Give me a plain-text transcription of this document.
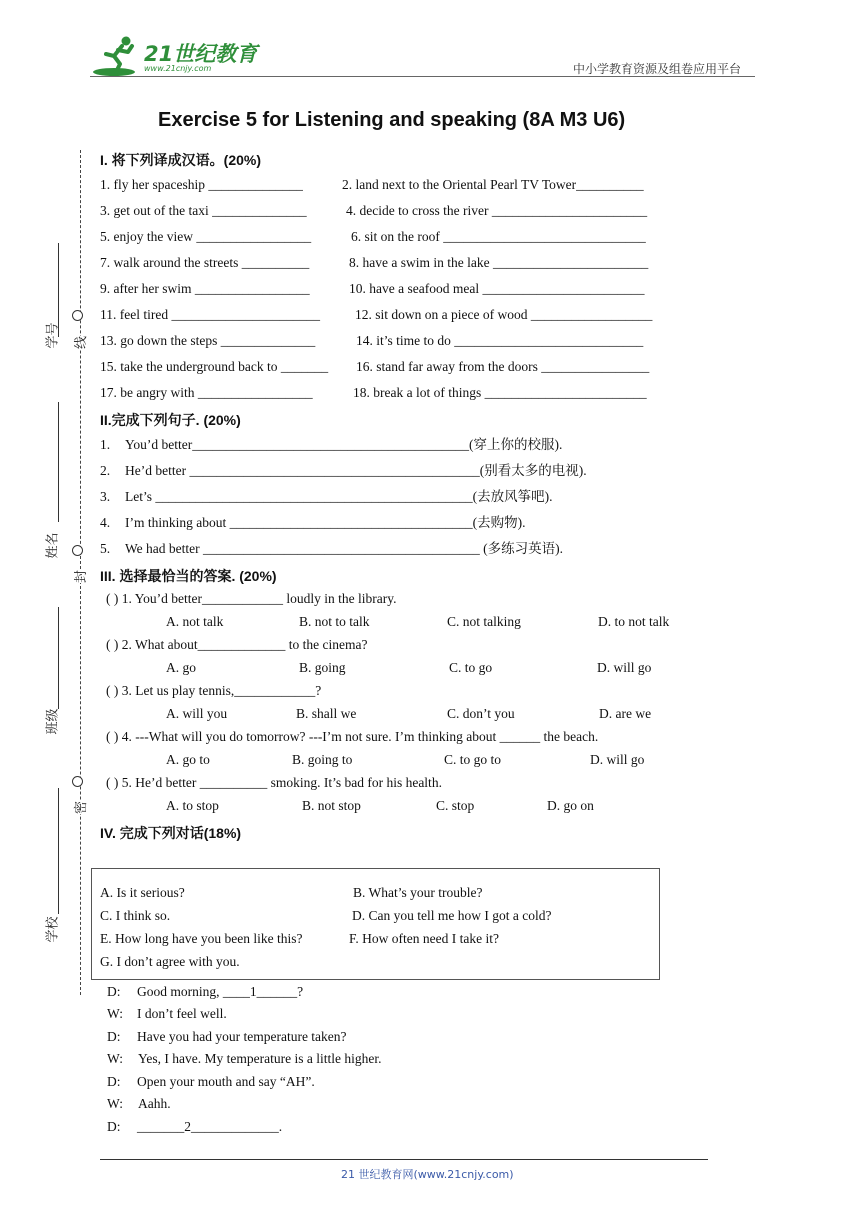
21世纪教育
www.21cnjy.com	中小学教育资源及组卷应用平台
Exercise 5 for Listening and speaking (8A M3 U6)
学号
姓名
班级
学校
线
封
密
I. 将下列译成汉语。(20%)
1. fly her spaceship ______________	2. land next to the Oriental Pearl TV Tower__________
3. get out of the taxi ______________	4. decide to cross the river _______________________
5. enjoy the view _________________	6. sit on the roof ______________________________
7. walk around the streets __________	8. have a swim in the lake _______________________
9. after her swim _________________	10. have a seafood meal ________________________
11. feel tired ______________________	12. sit down on a piece of wood __________________
13. go down the steps ______________	14. it’s time to do ____________________________
15. take the underground back to _______ 16. stand far away from the doors ________________
17. be angry with _________________	18. break a lot of things ________________________
II.完成下列句子. (20%)
1. You’d better_________________________________________(穿上你的校服).
2. He’d better ___________________________________________(别看太多的电视).
3. Let’s _______________________________________________(去放风筝吧).
4. I’m thinking about ____________________________________(去购物).
5. We had better _________________________________________ (多练习英语).
III. 选择最恰当的答案. (20%)
( ) 1. You’d better____________ loudly in the library.
A. not talk	B. not to talk	C. not talking	D. to not talk
( ) 2. What about_____________ to the cinema?
A. go	B. going	C. to go	D. will go
( ) 3. Let us play tennis,____________?
A. will you	B. shall we	C. don’t you	D. are we
( ) 4. ---What will you do tomorrow? ---I’m not sure. I’m thinking about ______ the beach.
A. go to	B. going to	C. to go to	D. will go
( ) 5. He’d better __________ smoking. It’s bad for his health.
A. to stop	B. not stop	C. stop	D. go on
IV. 完成下列对话(18%)
A. Is it serious?	B. What’s your trouble?
C. I think so.	D. Can you tell me how I got a cold?
E. How long have you been like this?	F. How often need I take it?
G. I don’t agree with you.
D: Good morning, ____1______?
W: I don’t feel well.
D: Have you had your temperature taken?
W: Yes, I have. My temperature is a little higher.
D: Open your mouth and say “AH”.
W: Aahh.
D: _______2_____________.
21 世纪教育网(www.21cnjy.com)
